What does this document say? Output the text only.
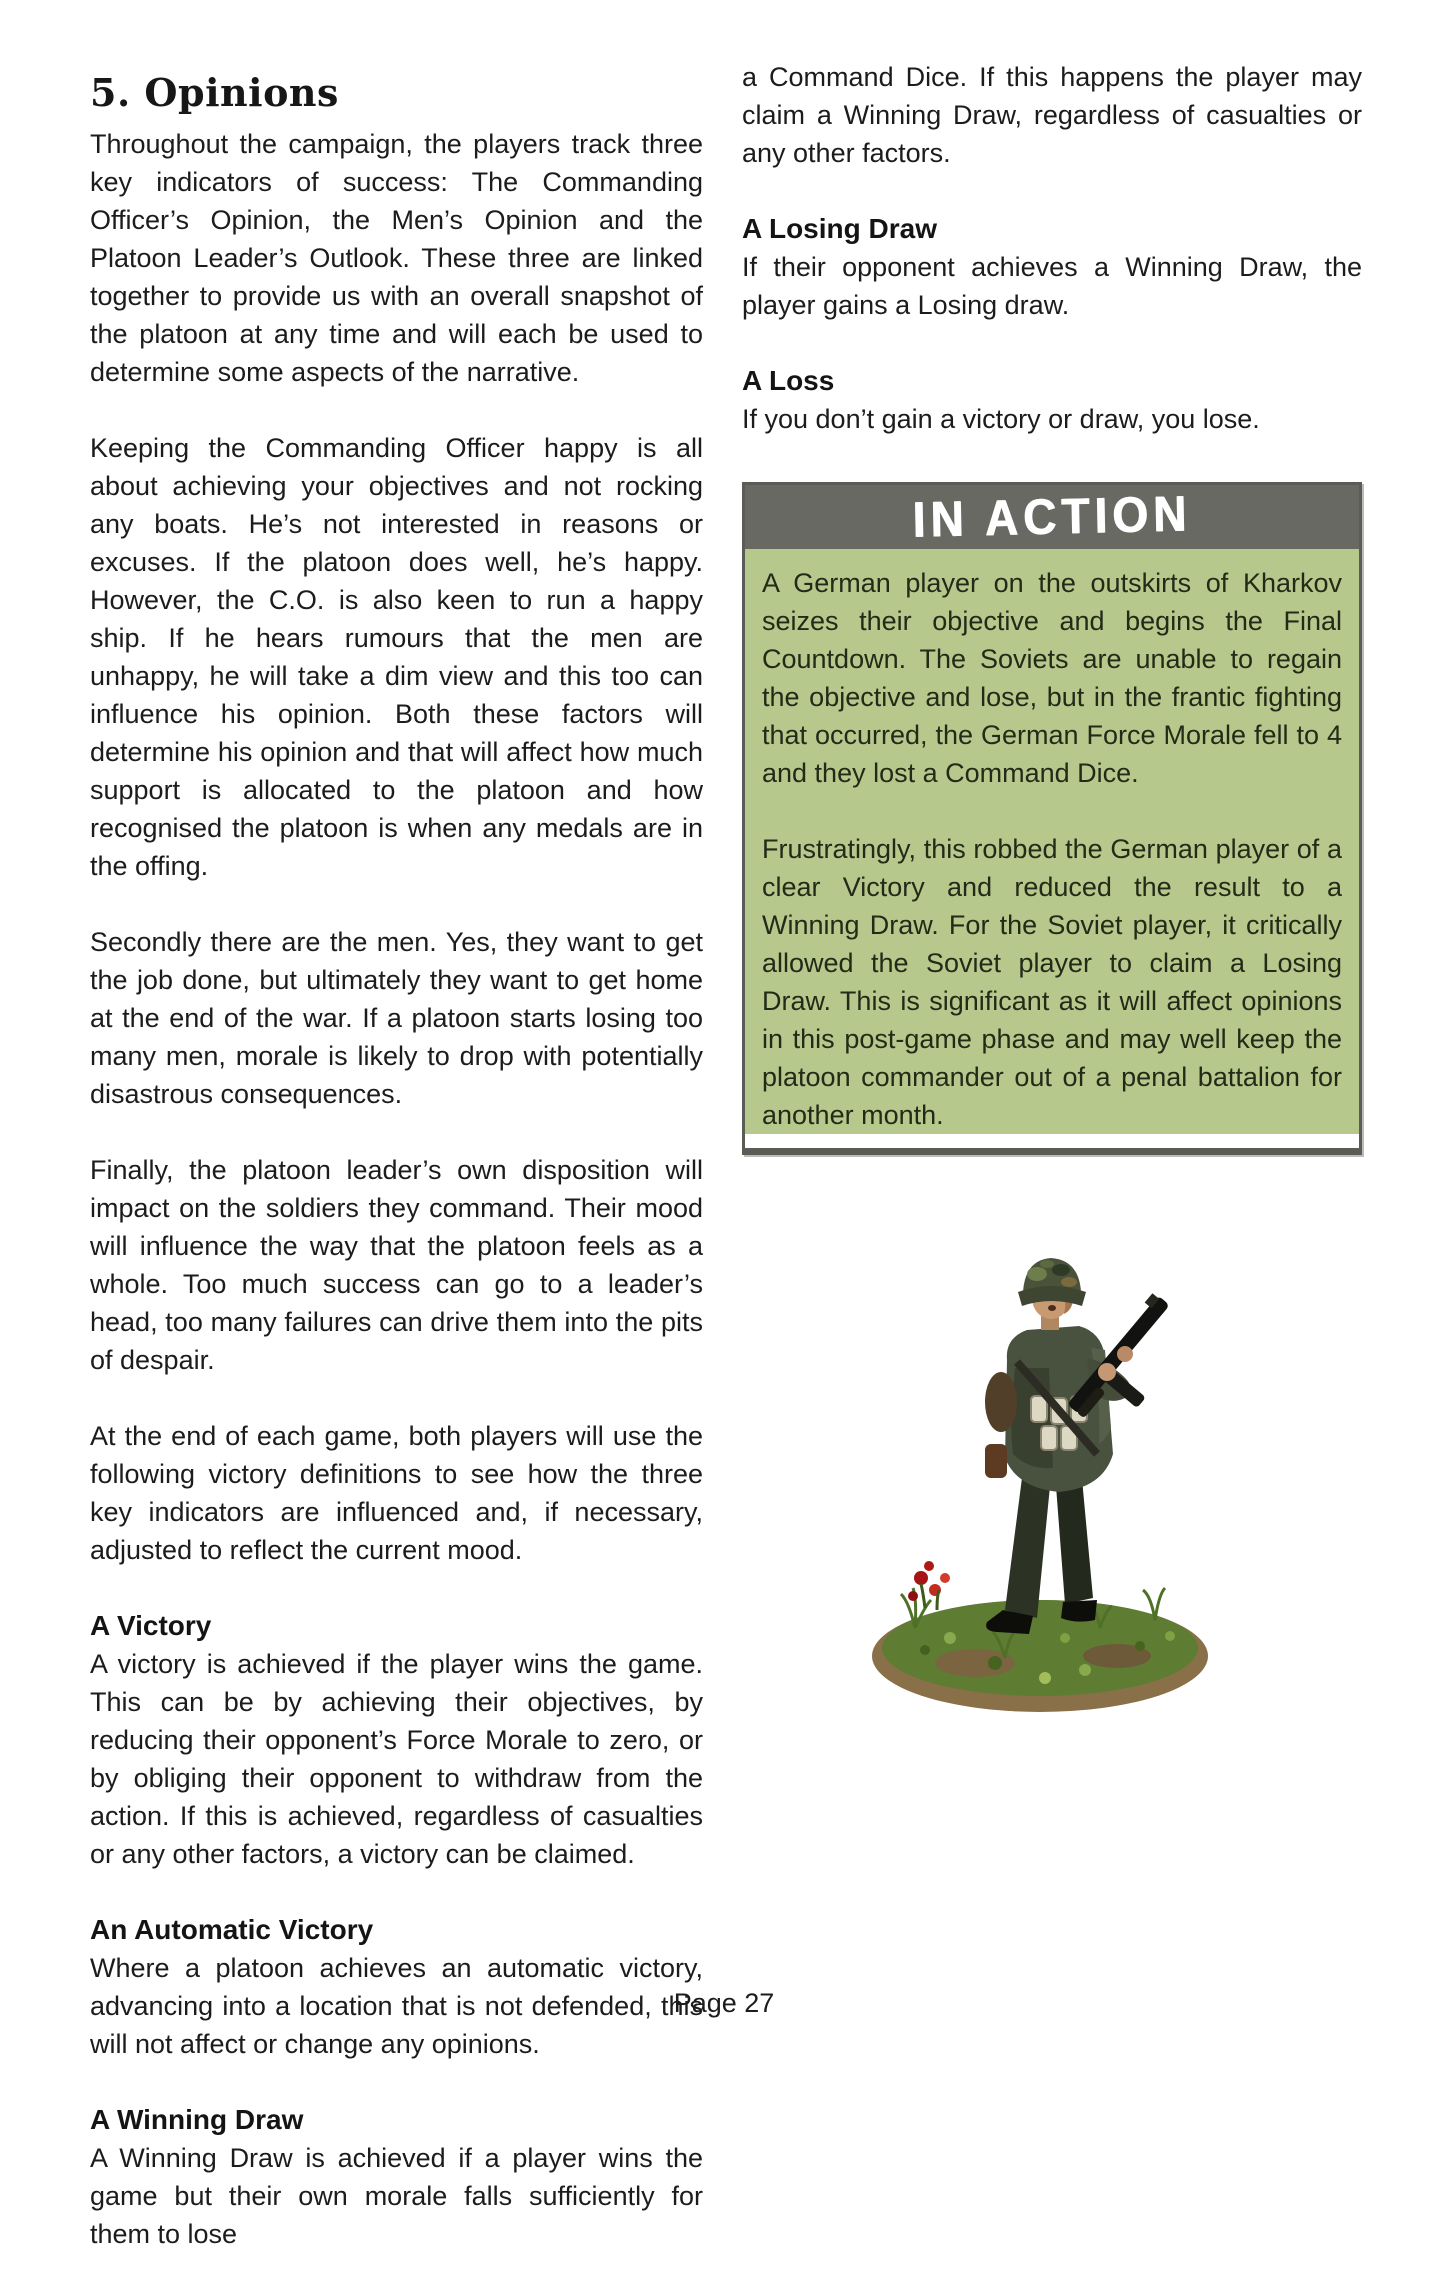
5. Opinions

Throughout the campaign, the players track three key indicators of success: The Commanding Officer’s Opinion, the Men’s Opinion and the Platoon Leader’s Outlook. These three are linked together to provide us with an overall snapshot of the platoon at any time and will each be used to determine some aspects of the narrative.

Keeping the Commanding Officer happy is all about achieving your objectives and not rocking any boats. He’s not interested in reasons or excuses. If the platoon does well, he’s happy. However, the C.O. is also keen to run a happy ship. If he hears rumours that the men are unhappy, he will take a dim view and this too can influence his opinion. Both these factors will determine his opinion and that will affect how much support is allocated to the platoon and how recognised the platoon is when any medals are in the offing.

Secondly there are the men. Yes, they want to get the job done, but ultimately they want to get home at the end of the war. If a platoon starts losing too many men, morale is likely to drop with potentially disastrous consequences.

Finally, the platoon leader’s own disposition will impact on the soldiers they command. Their mood will influence the way that the platoon feels as a whole. Too much success can go to a leader’s head, too many failures can drive them into the pits of despair.

At the end of each game, both players will use the following victory definitions to see how the three key indicators are influenced and, if necessary, adjusted to reflect the current mood.

A Victory

A victory is achieved if the player wins the game. This can be by achieving their objectives, by reducing their opponent’s Force Morale to zero, or by obliging their opponent to withdraw from the action. If this is achieved, regardless of casualties or any other factors, a victory can be claimed.

An Automatic Victory

Where a platoon achieves an automatic victory, advancing into a location that is not defended, this will not affect or change any opinions.

A Winning Draw

A Winning Draw is achieved if a player wins the game but their own morale falls sufficiently for them to lose

a Command Dice. If this happens the player may claim a Winning Draw, regardless of casualties or any other factors.

A Losing Draw

If their opponent achieves a Winning Draw, the player gains a Losing draw.

A Loss

If you don’t gain a victory or draw, you lose.

IN ACTION

A German player on the outskirts of Kharkov seizes their objective and begins the Final Countdown. The Soviets are unable to regain the objective and lose, but in the frantic fighting that occurred, the German Force Morale fell to 4 and they lost a Command Dice.

Frustratingly, this robbed the German player of a clear Victory and reduced the result to a Winning Draw. For the Soviet player, it critically allowed the Soviet player to claim a Losing Draw. This is significant as it will affect opinions in this post-game phase and may well keep the platoon commander out of a penal battalion for another month.

Page 27
